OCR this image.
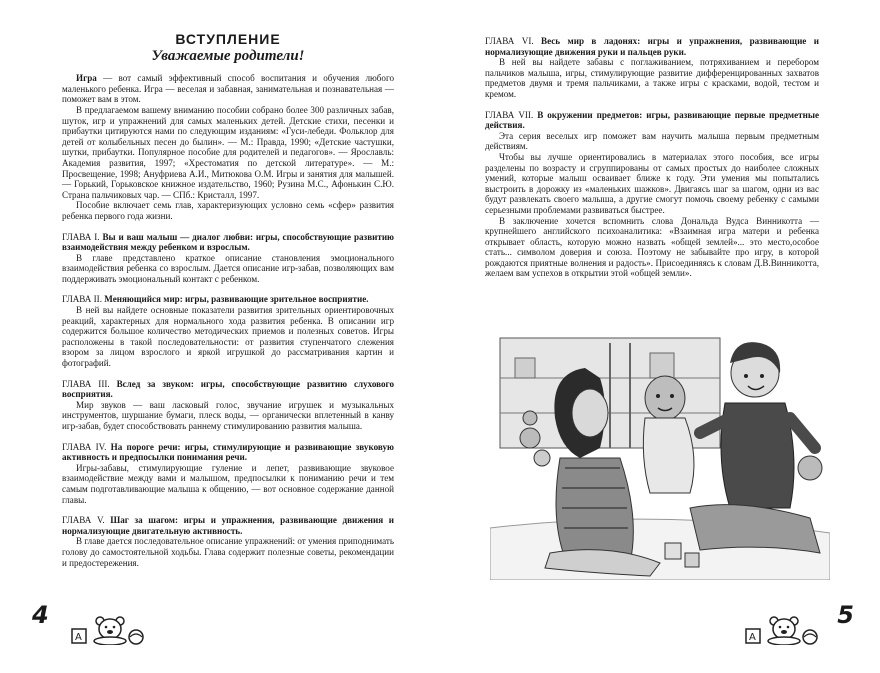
ВСТУПЛЕНИЕ
Уважаемые родители!

Игра — вот самый эффективный способ воспитания и обучения любого маленького ребенка. Игра — веселая и забавная, занимательная и познавательная — поможет вам в этом.

В предлагаемом вашему вниманию пособии собрано более 300 различных забав, шуток, игр и упражнений для самых маленьких детей. Детские стихи, песенки и прибаутки цитируются нами по следующим изданиям: «Гуси-лебеди. Фольклор для детей от колыбельных песен до былин». — М.: Правда, 1990; «Детские частушки, шутки, прибаутки. Популярное пособие для родителей и педагогов». — Ярославль: Академия развития, 1997; «Хрестоматия по детской литературе». — М.: Просвещение, 1998; Ануфриева А.И., Митюкова О.М. Игры и занятия для малышей. — Горький, Горьковское книжное издательство, 1960; Рузина М.С., Афонькин С.Ю. Страна пальчиковых чар. — СПб.: Кристалл, 1997.

Пособие включает семь глав, характеризующих условно семь «сфер» развития ребенка первого года жизни.

ГЛАВА I. Вы и ваш малыш — диалог любви: игры, способствующие развитию взаимодействия между ребенком и взрослым.

В главе представлено краткое описание становления эмоционального взаимодействия ребенка со взрослым. Дается описание игр-забав, позволяющих вам поддерживать эмоциональный контакт с ребенком.

ГЛАВА II. Меняющийся мир: игры, развивающие зрительное восприятие.

В ней вы найдете основные показатели развития зрительных ориентировочных реакций, характерных для нормального хода развития ребенка. В описании игр содержится большое количество методических приемов и полезных советов. Игры расположены в такой последовательности: от развития ступенчатого слежения взором за лицом взрослого и яркой игрушкой до рассматривания картин и фотографий.

ГЛАВА III. Вслед за звуком: игры, способствующие развитию слухового восприятия.

Мир звуков — ваш ласковый голос, звучание игрушек и музыкальных инструментов, шуршание бумаги, плеск воды, — органически вплетенный в канву игр-забав, будет способствовать раннему стимулированию развития малыша.

ГЛАВА IV. На пороге речи: игры, стимулирующие и развивающие звуковую активность и предпосылки понимания речи.

Игры-забавы, стимулирующие гуление и лепет, развивающие звуковое взаимодействие между вами и малышом, предпосылки к пониманию речи и тем самым подготавливающие малыша к общению, — вот основное содержание данной главы.

ГЛАВА V. Шаг за шагом: игры и упражнения, развивающие движения и нормализующие двигательную активность.

В главе дается последовательное описание упражнений: от умения приподнимать голову до самостоятельной ходьбы. Глава содержит полезные советы, рекомендации и предостережения.

4
A

ГЛАВА VI. Весь мир в ладонях: игры и упражнения, развивающие и нормализующие движения руки и пальцев руки.

В ней вы найдете забавы с поглаживанием, потряхиванием и перебором пальчиков малыша, игры, стимулирующие развитие дифференцированных захватов предметов двумя и тремя пальчиками, а также игры с красками, водой, тестом и кремом.

ГЛАВА VII. В окружении предметов: игры, развивающие первые предметные действия.

Эта серия веселых игр поможет вам научить малыша первым предметным действиям.

Чтобы вы лучше ориентировались в материалах этого пособия, все игры разделены по возрасту и сгруппированы от самых простых до наиболее сложных умений, которые малыш осваивает ближе к году. Эти умения мы попытались выстроить в дорожку из «маленьких шажков». Двигаясь шаг за шагом, одни из вас будут развлекать своего малыша, а другие смогут помочь своему ребенку с самыми серьезными проблемами развиваться быстрее.

В заключение хочется вспомнить слова Дональда Вудса Винникотта — крупнейшего английского психоаналитика: «Взаимная игра матери и ребенка открывает область, которую можно назвать «общей землей»... это место,особое стать... символом доверия и союза. Поэтому не забывайте про игру, в которой рождаются приятные волнения и радость». Присоединяясь к словам Д.В.Винникотта, желаем вам успехов в открытии этой «общей земли».

5
A
